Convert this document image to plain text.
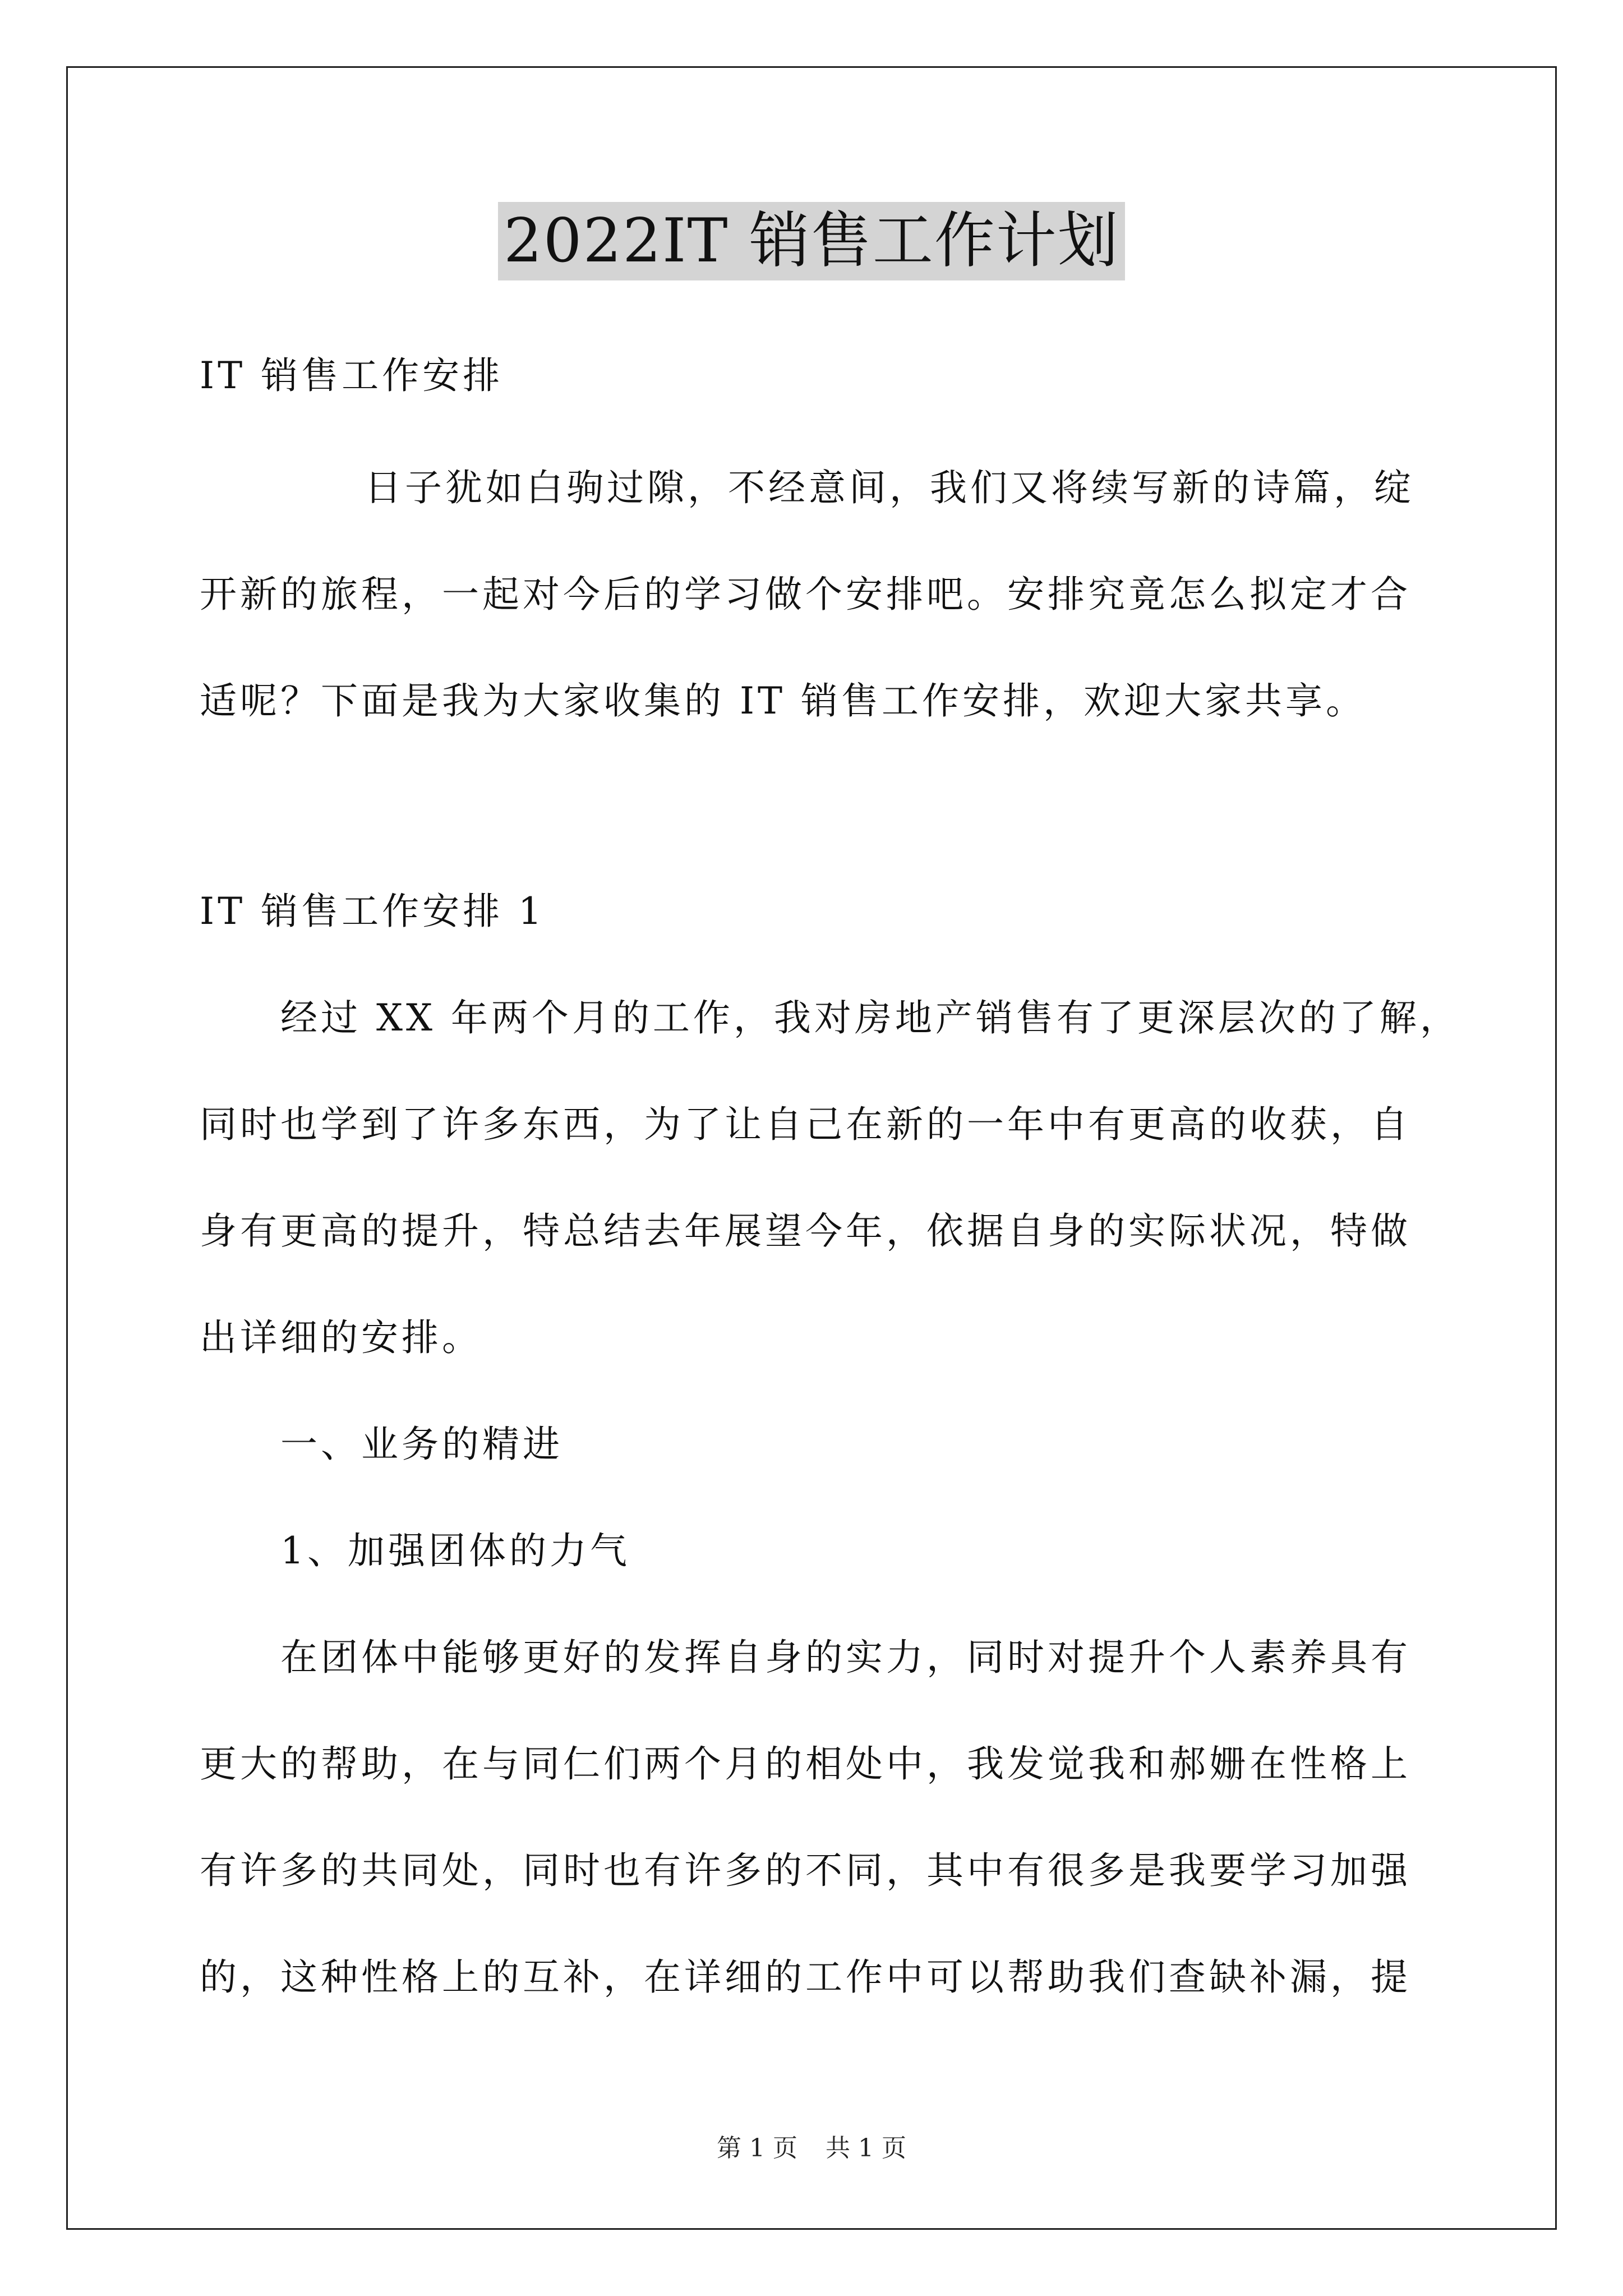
2022IT 销售工作计划
IT 销售工作安排
日子犹如白驹过隙，不经意间，我们又将续写新的诗篇，绽
开新的旅程，一起对今后的学习做个安排吧。安排究竟怎么拟定才合
适呢？下面是我为大家收集的 IT 销售工作安排，欢迎大家共享。
IT 销售工作安排 1
经过 XX 年两个月的工作，我对房地产销售有了更深层次的了解，
同时也学到了许多东西，为了让自己在新的一年中有更高的收获，自
身有更高的提升，特总结去年展望今年，依据自身的实际状况，特做
出详细的安排。
一、业务的精进
1、加强团体的力气
在团体中能够更好的发挥自身的实力，同时对提升个人素养具有
更大的帮助，在与同仁们两个月的相处中，我发觉我和郝姗在性格上
有许多的共同处，同时也有许多的不同，其中有很多是我要学习加强
的，这种性格上的互补，在详细的工作中可以帮助我们查缺补漏，提
第 1 页 共 1 页
